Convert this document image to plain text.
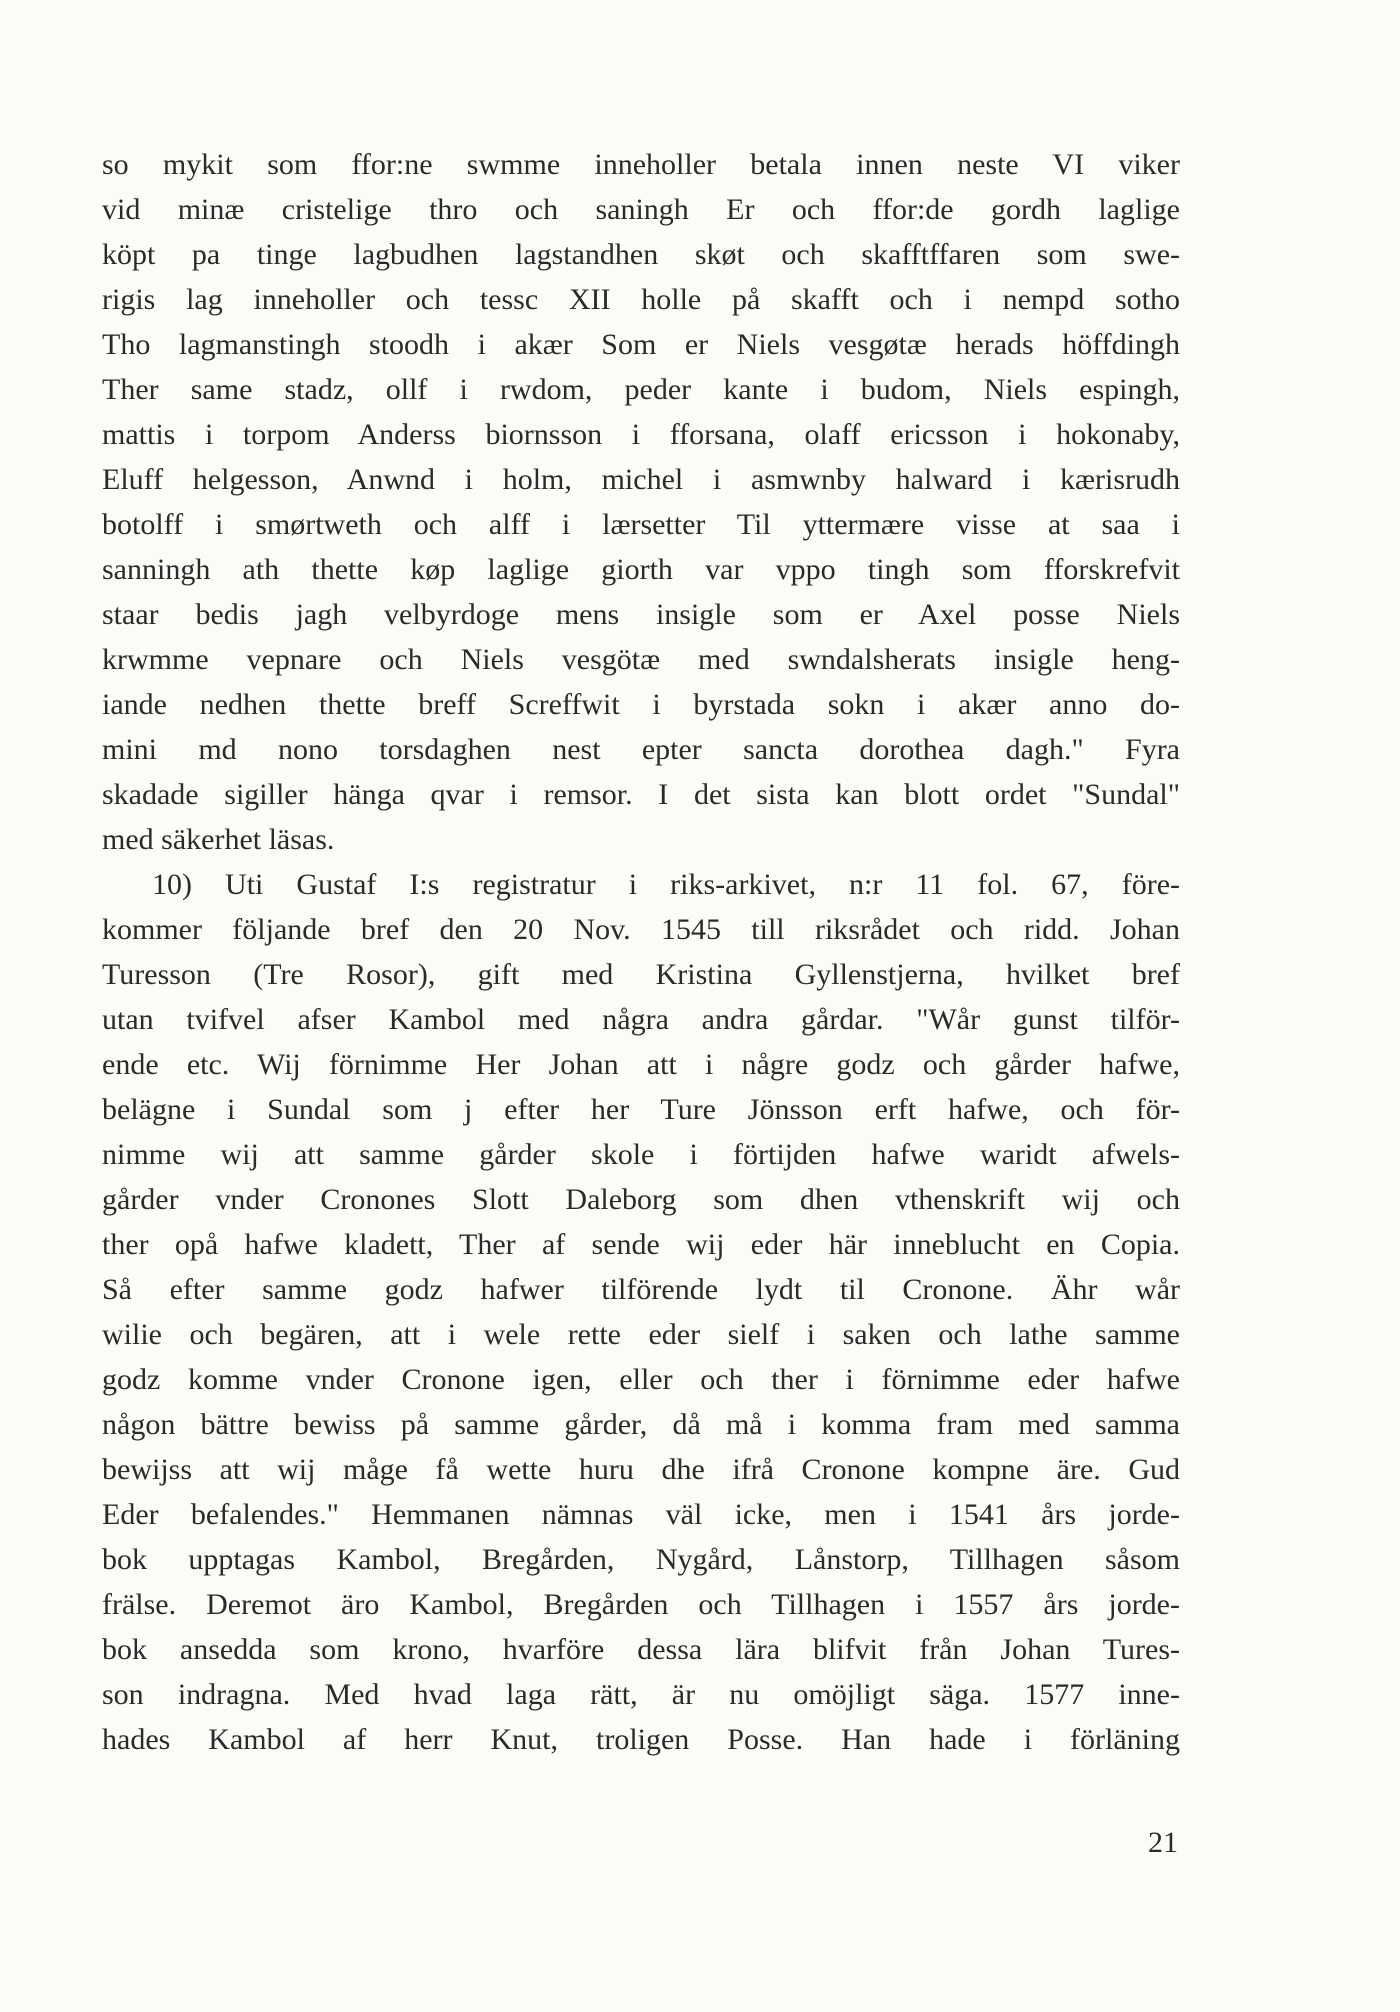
so mykit som ffor:ne swmme inneholler betala innen neste VI viker
vid minæ cristelige thro och saningh Er och ffor:de gordh laglige
köpt pa tinge lagbudhen lagstandhen skøt och skafftffaren som swe-
rigis lag inneholler och tessc XII holle på skafft och i nempd sotho
Tho lagmanstingh stoodh i akær Som er Niels vesgøtæ herads höffdingh
Ther same stadz, ollf i rwdom, peder kante i budom, Niels espingh,
mattis i torpom Anderss biornsson i fforsana, olaff ericsson i hokonaby,
Eluff helgesson, Anwnd i holm, michel i asmwnby halward i kærisrudh
botolff i smørtweth och alff i lærsetter Til yttermære visse at saa i
sanningh ath thette køp laglige giorth var vppo tingh som fforskrefvit
staar bedis jagh velbyrdoge mens insigle som er Axel posse Niels
krwmme vepnare och Niels vesgötæ med swndalsherats insigle heng-
iande nedhen thette breff Screffwit i byrstada sokn i akær anno do-
mini md nono torsdaghen nest epter sancta dorothea dagh." Fyra
skadade sigiller hänga qvar i remsor. I det sista kan blott ordet "Sundal"
med säkerhet läsas.
10) Uti Gustaf I:s registratur i riks-arkivet, n:r 11 fol. 67, före-
kommer följande bref den 20 Nov. 1545 till riksrådet och ridd. Johan
Turesson (Tre Rosor), gift med Kristina Gyllenstjerna, hvilket bref
utan tvifvel afser Kambol med några andra gårdar. "Wår gunst tilför-
ende etc. Wij förnimme Her Johan att i någre godz och gårder hafwe,
belägne i Sundal som j efter her Ture Jönsson erft hafwe, och för-
nimme wij att samme gårder skole i förtijden hafwe waridt afwels-
gårder vnder Cronones Slott Daleborg som dhen vthenskrift wij och
ther opå hafwe kladett, Ther af sende wij eder här inneblucht en Copia.
Så efter samme godz hafwer tilförende lydt til Cronone. Ähr wår
wilie och begären, att i wele rette eder sielf i saken och lathe samme
godz komme vnder Cronone igen, eller och ther i förnimme eder hafwe
någon bättre bewiss på samme gårder, då må i komma fram med samma
bewijss att wij måge få wette huru dhe ifrå Cronone kompne äre. Gud
Eder befalendes." Hemmanen nämnas väl icke, men i 1541 års jorde-
bok upptagas Kambol, Bregården, Nygård, Lånstorp, Tillhagen såsom
frälse. Deremot äro Kambol, Bregården och Tillhagen i 1557 års jorde-
bok ansedda som krono, hvarföre dessa lära blifvit från Johan Tures-
son indragna. Med hvad laga rätt, är nu omöjligt säga. 1577 inne-
hades Kambol af herr Knut, troligen Posse. Han hade i förläning
21
